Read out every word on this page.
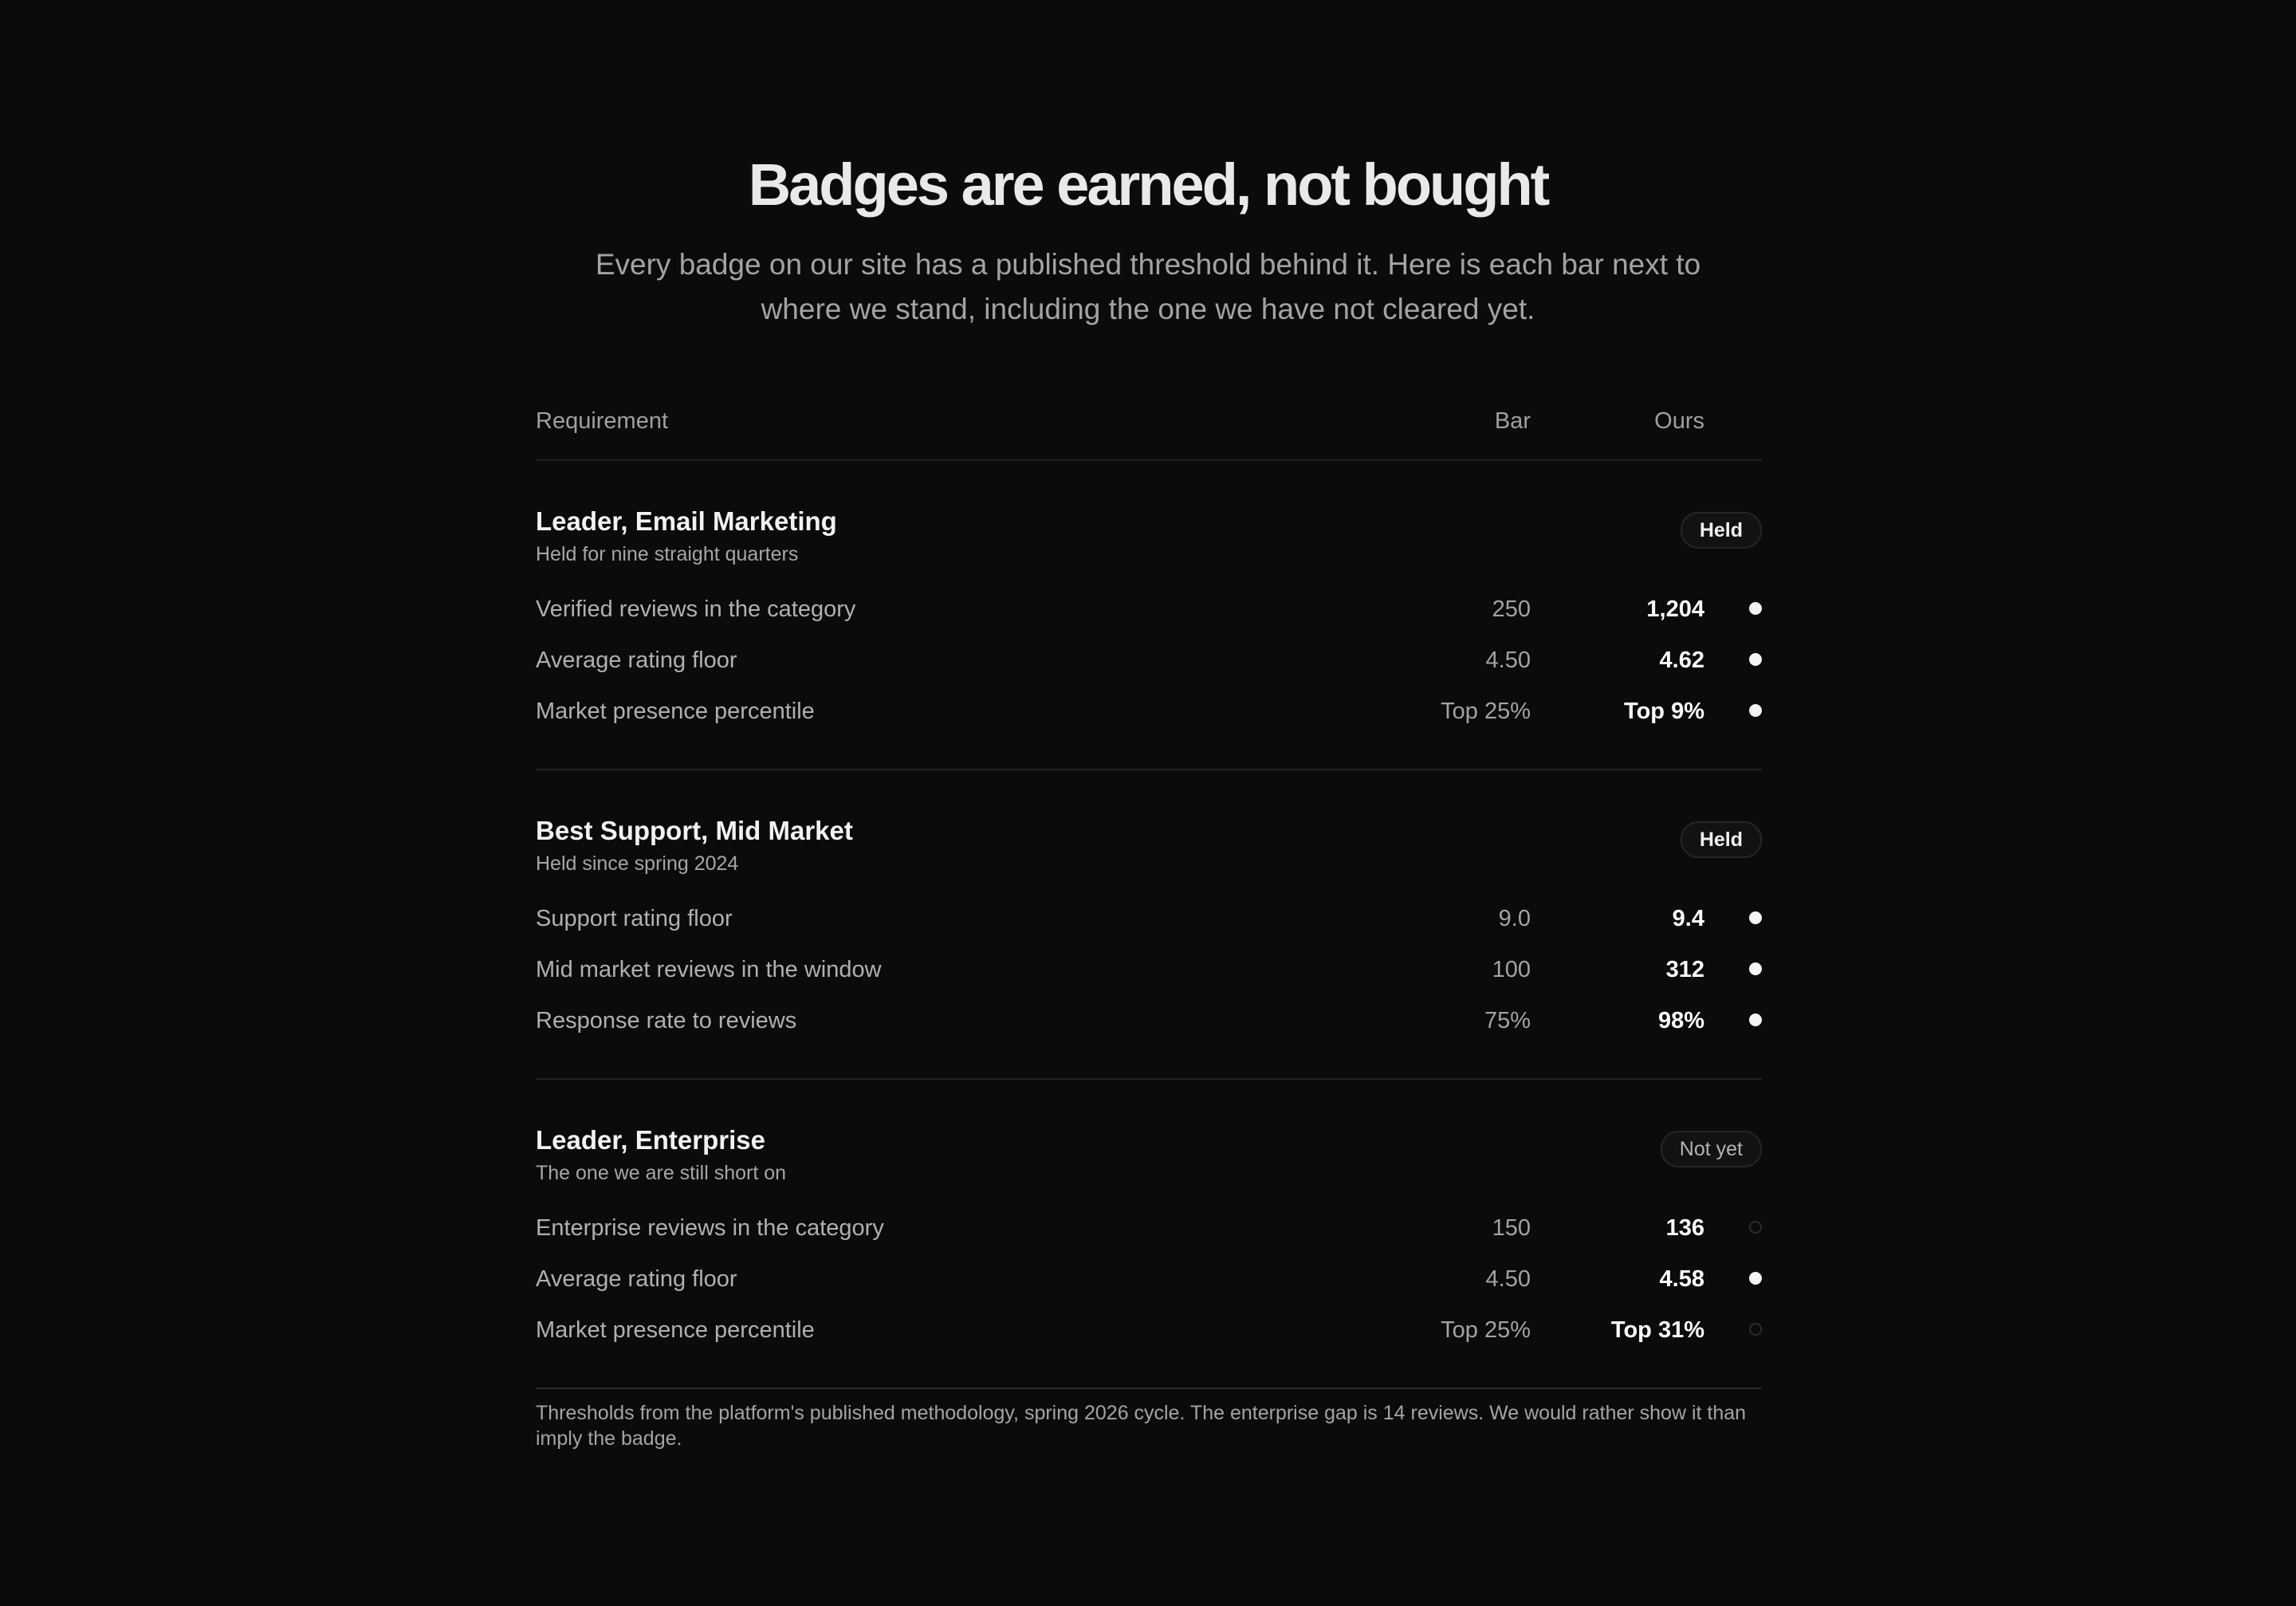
Badges are earned, not bought

Every badge on our site has a published threshold behind it. Here is each bar next to where we stand, including the one we have not cleared yet.

Requirement	Bar	Ours
Leader, Email Marketing
Held for nine straight quarters
Held
Verified reviews in the category	250	1,204
Average rating floor	4.50	4.62
Market presence percentile	Top 25%	Top 9%
Best Support, Mid Market
Held since spring 2024
Held
Support rating floor	9.0	9.4
Mid market reviews in the window	100	312
Response rate to reviews	75%	98%
Leader, Enterprise
The one we are still short on
Not yet
Enterprise reviews in the category	150	136
Average rating floor	4.50	4.58
Market presence percentile	Top 25%	Top 31%

Thresholds from the platform's published methodology, spring 2026 cycle. The enterprise gap is 14 reviews. We would rather show it than imply the badge.
